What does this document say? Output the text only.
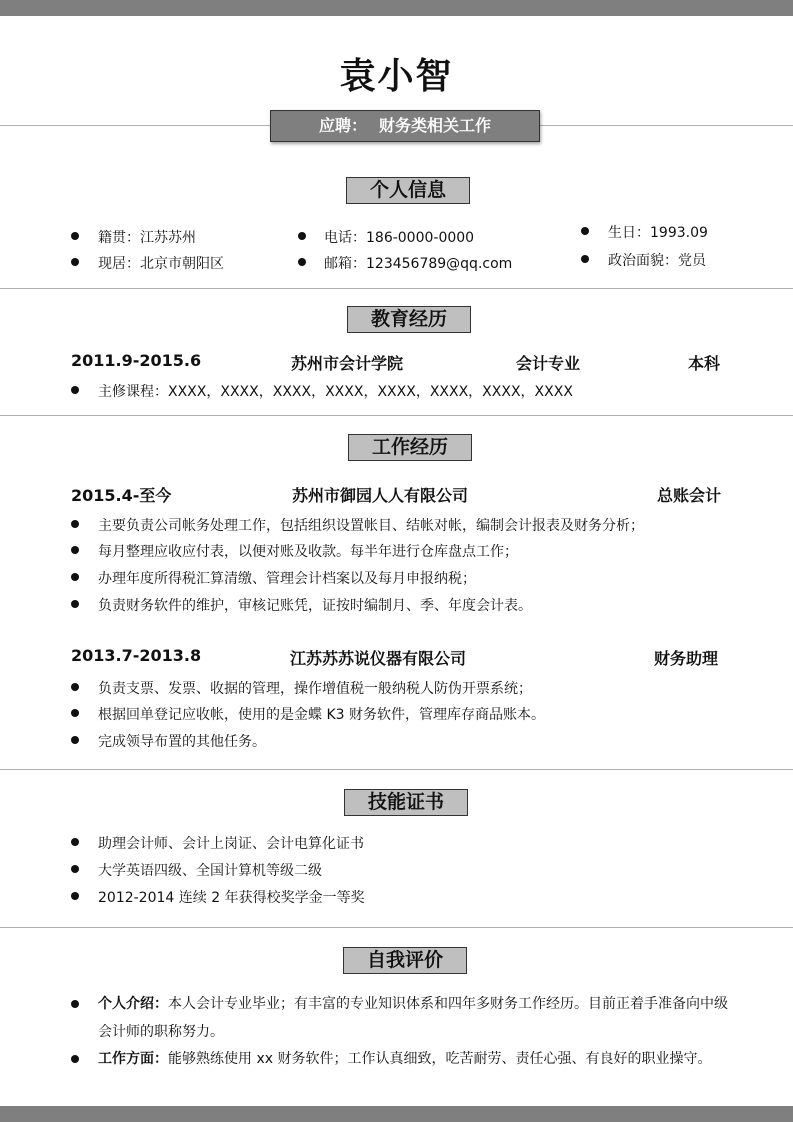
袁小智
应聘： 财务类相关工作
个人信息
籍贯：江苏苏州
现居：北京市朝阳区
电话：186-0000-0000
邮箱：123456789@qq.com
生日：1993.09
政治面貌：党员
教育经历
2011.9-2015.6	苏州市会计学院	会计专业	本科
主修课程：XXXX，XXXX，XXXX，XXXX，XXXX，XXXX，XXXX，XXXX
工作经历
2015.4-至今	苏州市御园人人有限公司	总账会计
主要负责公司帐务处理工作，包括组织设置帐目、结帐对帐，编制会计报表及财务分析；
每月整理应收应付表，以便对账及收款。每半年进行仓库盘点工作；
办理年度所得税汇算清缴、管理会计档案以及每月申报纳税；
负责财务软件的维护，审核记账凭，证按时编制月、季、年度会计表。
2013.7-2013.8	江苏苏苏说仪器有限公司	财务助理
负责支票、发票、收据的管理，操作增值税一般纳税人防伪开票系统；
根据回单登记应收帐，使用的是金蝶 K3 财务软件，管理库存商品账本。
完成领导布置的其他任务。
技能证书
助理会计师、会计上岗证、会计电算化证书
大学英语四级、全国计算机等级二级
2012-2014 连续 2 年获得校奖学金一等奖
自我评价
个人介绍：本人会计专业毕业；有丰富的专业知识体系和四年多财务工作经历。目前正着手准备向中级会计师的职称努力。
工作方面：能够熟练使用 xx 财务软件；工作认真细致，吃苦耐劳、责任心强、有良好的职业操守。
